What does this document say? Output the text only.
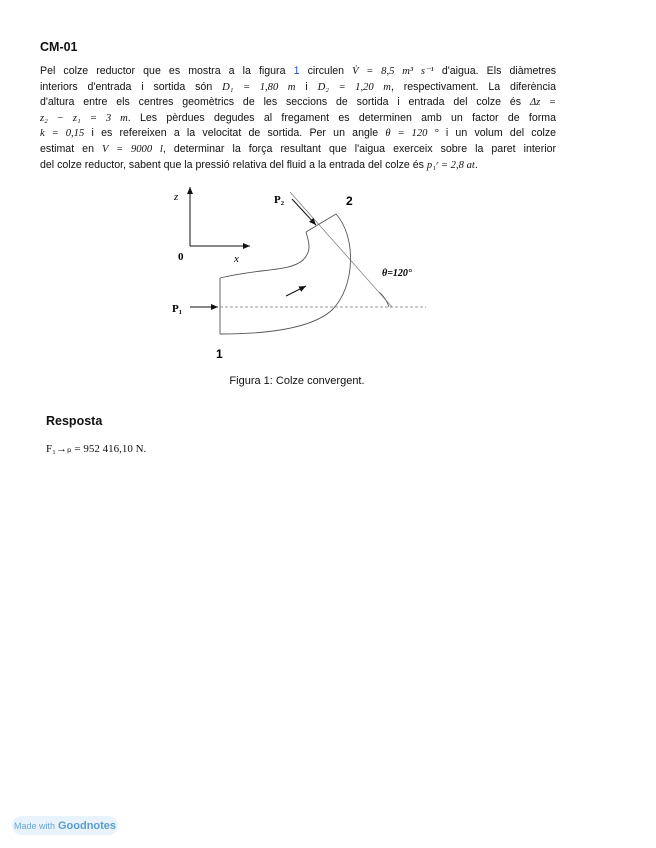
CM-01
Pel colze reductor que es mostra a la figura 1 circulen V̇ = 8,5 m³ s⁻¹ d'aigua. Els diàmetres
interiors d'entrada i sortida són D₁ = 1,80 m i D₂ = 1,20 m, respectivament. La diferència
d'altura entre els centres geomètrics de les seccions de sortida i entrada del colze és Δz =
z₂ − z₁ = 3 m. Les pèrdues degudes al fregament es determinen amb un factor de forma
k = 0,15 i es refereixen a la velocitat de sortida. Per un angle θ = 120 ° i un volum del colze
estimat en V = 9000 l, determinar la força resultant que l'aigua exerceix sobre la paret interior
del colze reductor, sabent que la pressió relativa del fluid a la entrada del colze és p₁ʳ = 2,8 at.
z
x
0
θ=120°
P₁
P₂
1
2
Figura 1: Colze convergent.
Resposta
F₁→ₚ = 952 416,10 N.
Made with Goodnotes
